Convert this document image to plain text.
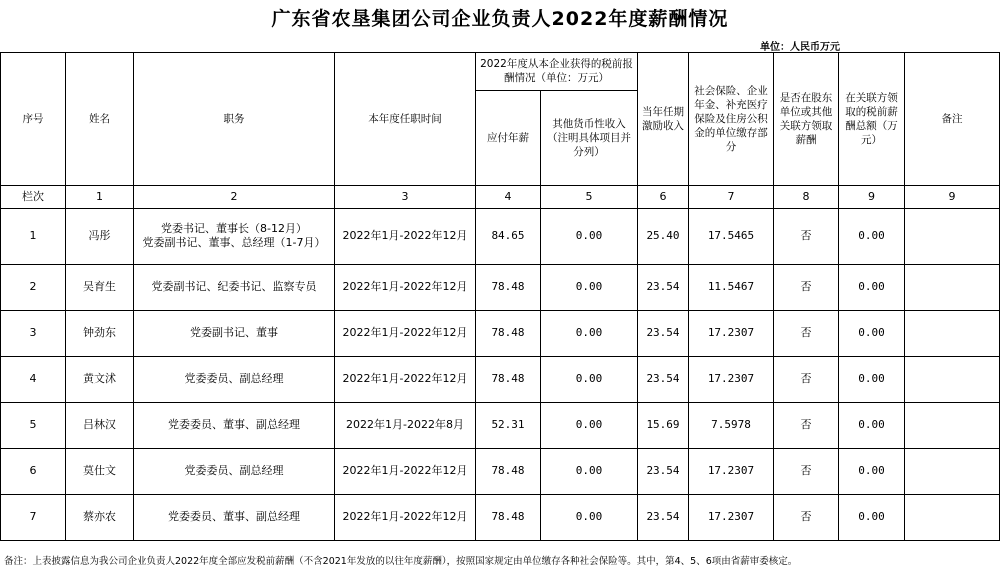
序号	姓名	职务	本年度任职时间	2022年度从本企业获得的税前报酬情况（单位：万元）		当年任期激励收入	社会保险、企业年金、补充医疗保险及住房公积金的单位缴存部分	是否在股东单位或其他关联方领取薪酬	在关联方领取的税前薪酬总额（万元）	备注
				应付年薪	其他货币性收入（注明具体项目并分列）					
栏次	1	2	3	4	5	6	7	8	9	9
1	冯彤	党委书记、董事长（8-12月）
党委副书记、董事、总经理（1-7月）	2022年1月-2022年12月	84.65	0.00	25.40	17.5465	否	0.00	
2	吴育生	党委副书记、纪委书记、监察专员	2022年1月-2022年12月	78.48	0.00	23.54	11.5467	否	0.00	
3	钟劲东	党委副书记、董事	2022年1月-2022年12月	78.48	0.00	23.54	17.2307	否	0.00	
4	黄文沭	党委委员、副总经理	2022年1月-2022年12月	78.48	0.00	23.54	17.2307	否	0.00	
5	吕林汉	党委委员、董事、副总经理	2022年1月-2022年8月	52.31	0.00	15.69	7.5978	否	0.00	
6	莫仕文	党委委员、副总经理	2022年1月-2022年12月	78.48	0.00	23.54	17.2307	否	0.00	
7	蔡亦农	党委委员、董事、副总经理	2022年1月-2022年12月	78.48	0.00	23.54	17.2307	否	0.00	
广东省农垦集团公司企业负责人2022年度薪酬情况
单位：人民币万元
备注：上表披露信息为我公司企业负责人2022年度全部应发税前薪酬（不含2021年发放的以往年度薪酬），按照国家规定由单位缴存各种社会保险等。其中，第4、5、6项由省薪审委核定。
